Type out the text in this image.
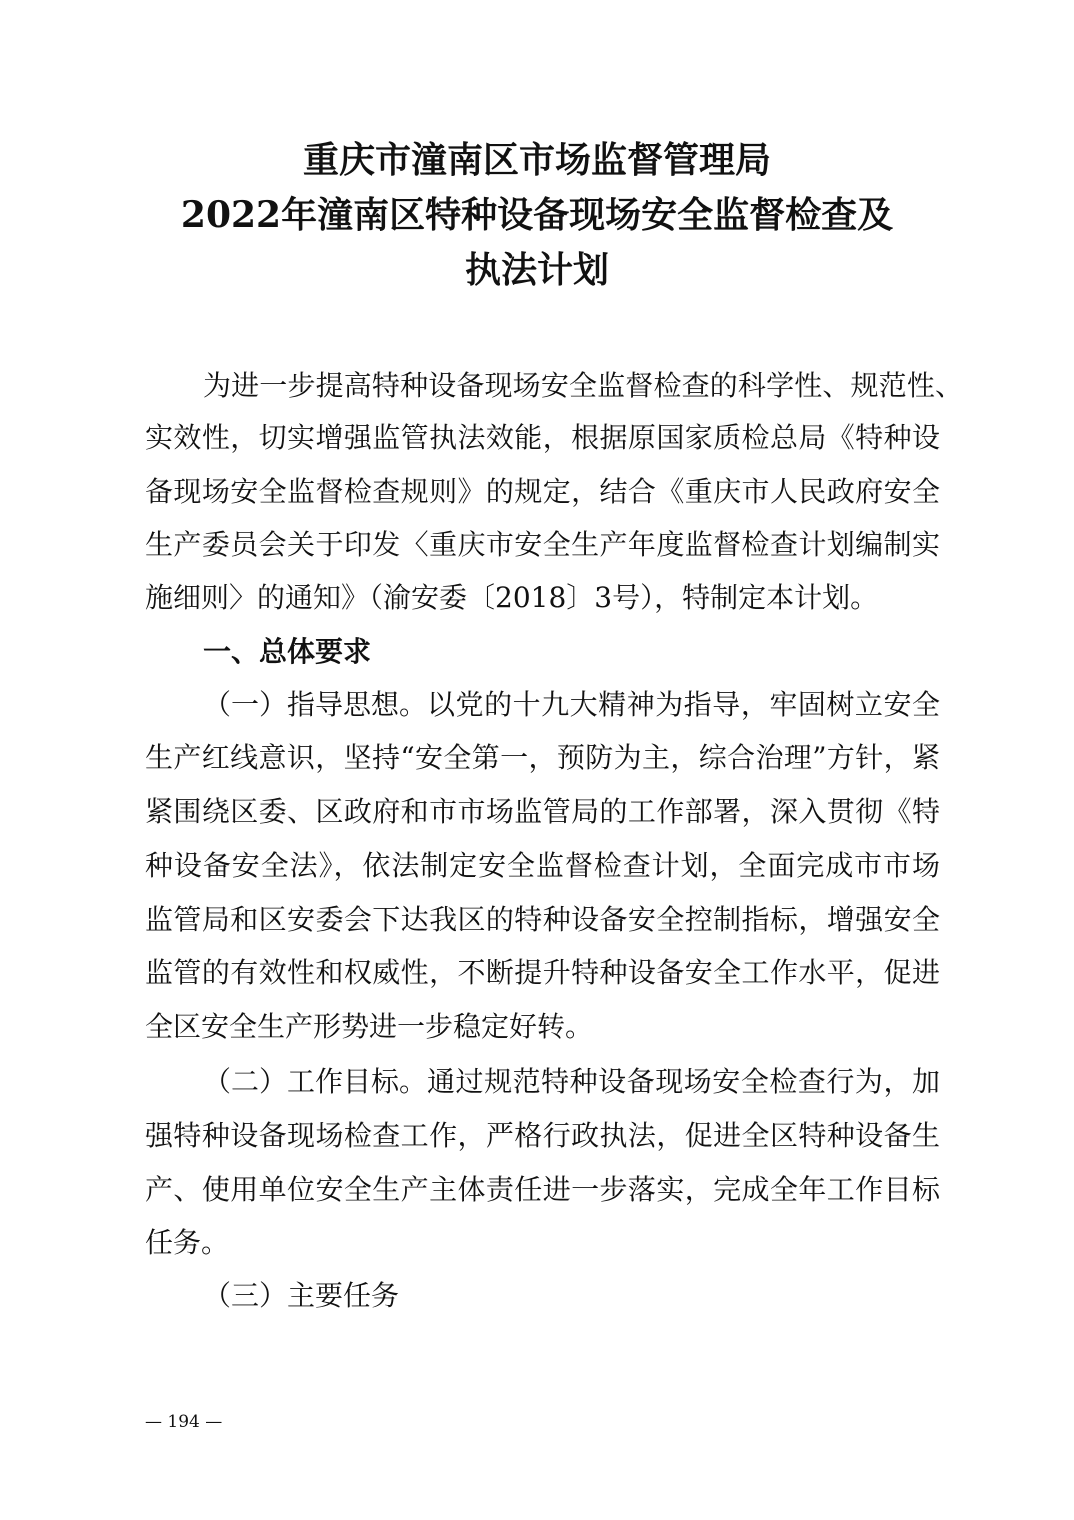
重庆市潼南区市场监督管理局
2022年潼南区特种设备现场安全监督检查及
执法计划
为进一步提高特种设备现场安全监督检查的科学性、规范性、
实效性，切实增强监管执法效能，根据原国家质检总局《特种设
备现场安全监督检查规则》的规定，结合《重庆市人民政府安全
生产委员会关于印发〈重庆市安全生产年度监督检查计划编制实
施细则〉的通知》（渝安委〔2018〕3号），特制定本计划。
一、总体要求
（一）指导思想。 以党的十九大精神为指导，牢固树立安全
生产红线意识，坚持“安全第一，预防为主，综合治理”方针，紧
紧围绕区委、区政府和市市场监管局的工作部署，深入贯彻《特
种设备安全法》，依法制定安全监督检查计划，全面完成市市场
监管局和区安委会下达我区的特种设备安全控制指标，增强安全
监管的有效性和权威性，不断提升特种设备安全工作水平，促进
全区安全生产形势进一步稳定好转。
（二）工作目标。 通过规范特种设备现场安全检查行为，加
强特种设备现场检查工作，严格行政执法，促进全区特种设备生
产、使用单位安全生产主体责任进一步落实，完成全年工作目标
任务。
（三）主要任务
— 194 —
